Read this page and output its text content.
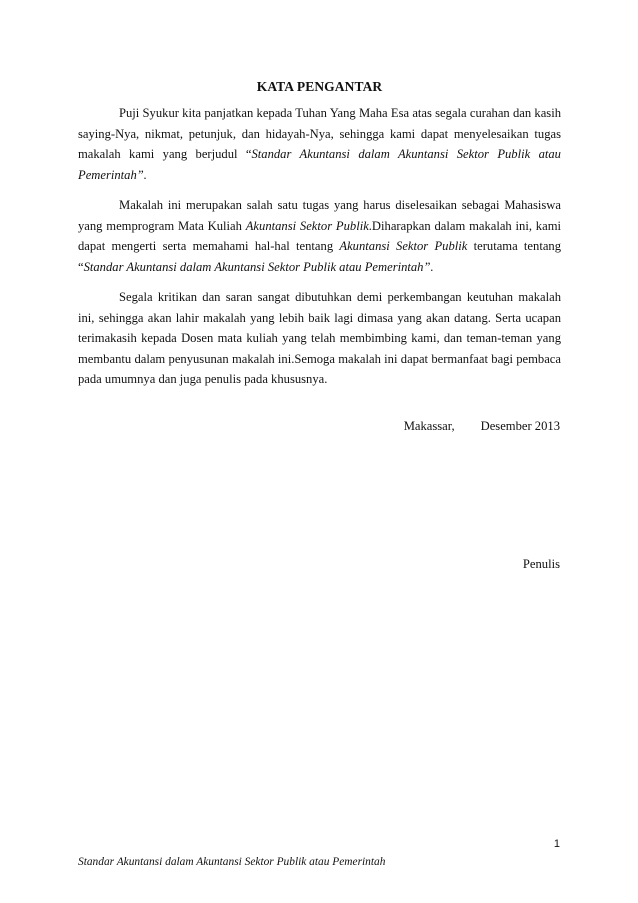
KATA PENGANTAR

Puji Syukur kita panjatkan kepada Tuhan Yang Maha Esa atas segala curahan dan kasih saying-Nya, nikmat, petunjuk, dan hidayah-Nya, sehingga kami dapat menyelesaikan tugas makalah kami yang berjudul “Standar Akuntansi dalam Akuntansi Sektor Publik atau Pemerintah”.

Makalah ini merupakan salah satu tugas yang harus diselesaikan sebagai Mahasiswa yang memprogram Mata Kuliah Akuntansi Sektor Publik.Diharapkan dalam makalah ini, kami dapat mengerti serta memahami hal-hal tentang Akuntansi Sektor Publik terutama tentang “Standar Akuntansi dalam Akuntansi Sektor Publik atau Pemerintah”.

Segala kritikan dan saran sangat dibutuhkan demi perkembangan keutuhan makalah ini, sehingga akan lahir makalah yang lebih baik lagi dimasa yang akan datang. Serta ucapan terimakasih kepada Dosen mata kuliah yang telah membimbing kami, dan teman-teman yang membantu dalam penyusunan makalah ini.Semoga makalah ini dapat bermanfaat bagi pembaca pada umumnya dan juga penulis pada khususnya.

Makassar, Desember 2013
Penulis
1
Standar Akuntansi dalam Akuntansi Sektor Publik atau Pemerintah
